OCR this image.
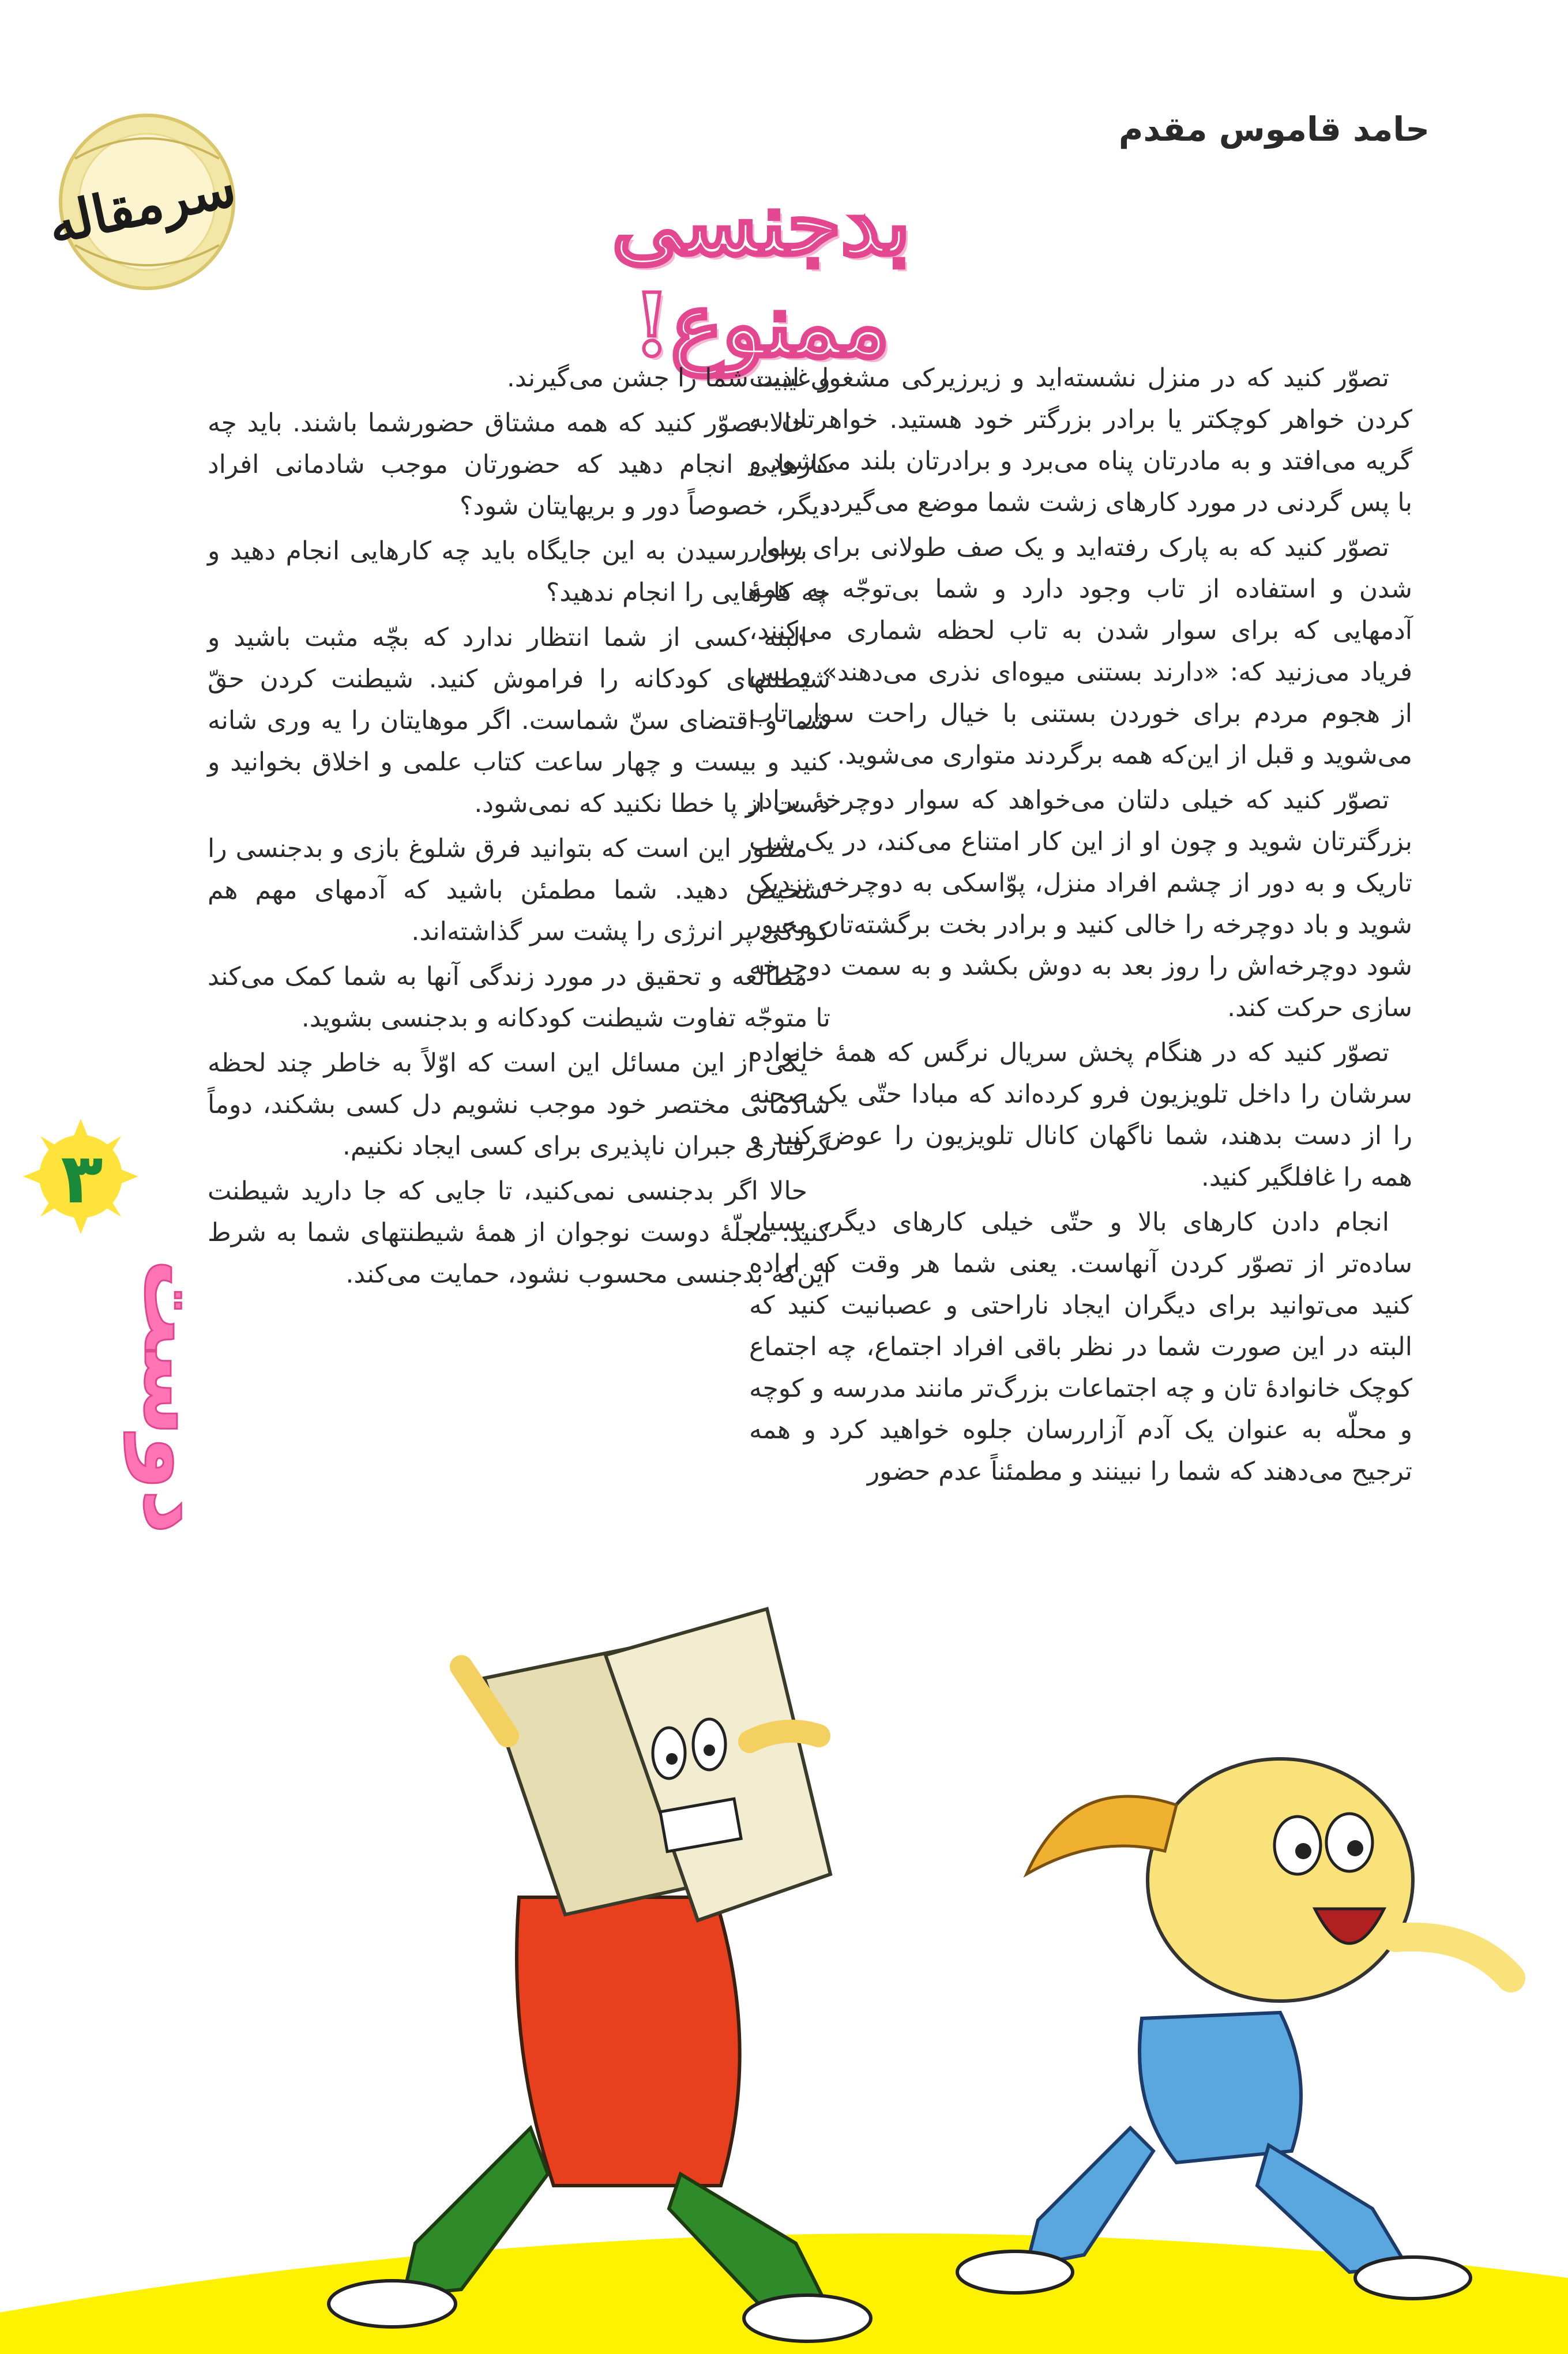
سرمقاله
حامد قاموس مقدم
بدجنسی ممنوع!
۳
دوست

تصوّر کنید که در منزل نشسته‌اید و زیرزیرکی مشغول اذیت کردن خواهر کوچکتر یا برادر بزرگتر خود هستید. خواهرتان به گریه می‌افتد و به مادرتان پناه می‌برد و برادرتان بلند می‌شود و با پس گردنی در مورد کارهای زشت شما موضع می‌گیرد.

تصوّر کنید که به پارک رفته‌اید و یک صف طولانی برای سوار شدن و استفاده از تاب وجود دارد و شما بی‌توجّه به همهٔ آدمهایی که برای سوار شدن به تاب لحظه شماری می‌کنند، فریاد می‌زنید که: «دارند بستنی میوه‌ای نذری می‌دهند» و پس از هجوم مردم برای خوردن بستنی با خیال راحت سوار تاب می‌شوید و قبل از این‌که همه برگردند متواری می‌شوید.

تصوّر کنید که خیلی دلتان می‌خواهد که سوار دوچرخهٔ برادر بزرگترتان شوید و چون او از این کار امتناع می‌کند، در یک شب تاریک و به دور از چشم افراد منزل، پوّاسکی به دوچرخه نزدیک شوید و باد دوچرخه را خالی کنید و برادر بخت برگشته‌تان مجبور شود دوچرخه‌اش را روز بعد به دوش بکشد و به سمت دوچرخه سازی حرکت کند.

تصوّر کنید که در هنگام پخش سریال نرگس که همهٔ خانواده سرشان را داخل تلویزیون فرو کرده‌اند که مبادا حتّی یک صحنه را از دست بدهند، شما ناگهان کانال تلویزیون را عوض کنید و همه را غافلگیر کنید.

انجام دادن کارهای بالا و حتّی خیلی کارهای دیگر، بسیار ساده‌تر از تصوّر کردن آنهاست. یعنی شما هر وقت که اراده کنید می‌توانید برای دیگران ایجاد ناراحتی و عصبانیت کنید که البته در این صورت شما در نظر باقی افراد اجتماع، چه اجتماع کوچک خانوادهٔ تان و چه اجتماعات بزرگ‌تر مانند مدرسه و کوچه و محلّه به عنوان یک آدم آزاررسان جلوه خواهید کرد و همه ترجیح می‌دهند که شما را نبینند و مطمئناً عدم حضور

و غیبت شما را جشن می‌گیرند.

حالا تصوّر کنید که همه مشتاق حضورشما باشند. باید چه کارهایی انجام دهید که حضورتان موجب شادمانی افراد دیگر، خصوصاً دور و بریهایتان شود؟

برای رسیدن به این جایگاه باید چه کارهایی انجام دهید و چه کارهایی را انجام ندهید؟

البته کسی از شما انتظار ندارد که بچّه مثبت باشید و شیطنتهای کودکانه را فراموش کنید. شیطنت کردن حقّ شما و اقتضای سنّ شماست. اگر موهایتان را یه وری شانه کنید و بیست و چهار ساعت کتاب علمی و اخلاق بخوانید و دست از پا خطا نکنید که نمی‌شود.

منظور این است که بتوانید فرق شلوغ بازی و بدجنسی را تشخیص دهید. شما مطمئن باشید که آدمهای مهم هم کودکی پر انرژی را پشت سر گذاشته‌اند.

مطالعه و تحقیق در مورد زندگی آنها به شما کمک می‌کند تا متوجّه تفاوت شیطنت کودکانه و بدجنسی بشوید.

یکی از این مسائل این است که اوّلاً به خاطر چند لحظه شادمانی مختصر خود موجب نشویم دل کسی بشکند، دوماً گرفتاری جبران ناپذیری برای کسی ایجاد نکنیم.

حالا اگر بدجنسی نمی‌کنید، تا جایی که جا دارید شیطنت کنید. مجلّهٔ دوست نوجوان از همهٔ شیطنتهای شما به شرط این‌که بدجنسی محسوب نشود، حمایت می‌کند.
